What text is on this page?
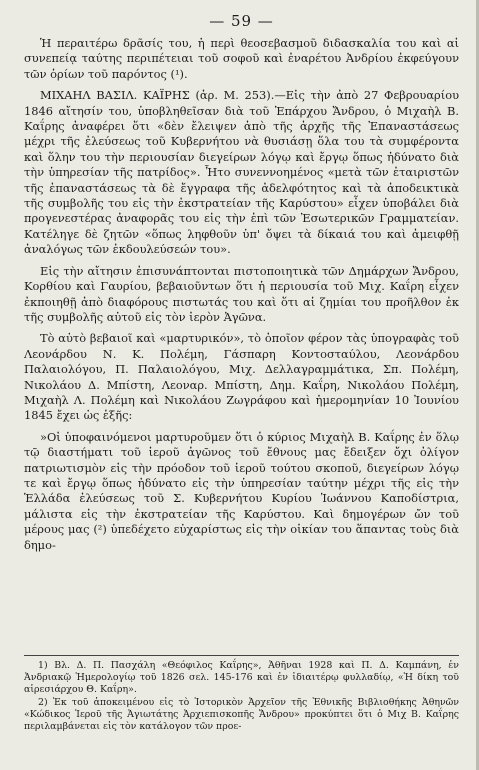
— 59 —

Ἡ περαιτέρω δρᾶσίς του, ἡ περὶ θεοσεβασμοῦ διδασκαλία του καὶ αἱ συνεπείᾳ ταύτης περιπέτειαι τοῦ σοφοῦ καὶ ἐναρέτου Ἀνδρίου ἐκφεύγουν τῶν ὁρίων τοῦ παρόντος (¹).

ΜΙΧΑΗΛ ΒΑΣΙΛ. ΚΑΪΡΗΣ (ἀρ. Μ. 253).—Εἰς τὴν ἀπὸ 27 Φεβρουαρίου 1846 αἴτησίν του, ὑποβληθεῖσαν διὰ τοῦ Ἐπάρχου Ἄνδρου, ὁ Μιχαὴλ Β. Καΐρης ἀναφέρει ὅτι «δὲν ἔλειψεν ἀπὸ τῆς ἀρχῆς τῆς Ἐπαναστάσεως μέχρι τῆς ἐλεύσεως τοῦ Κυβερνήτου νὰ θυσιάσῃ ὅλα του τὰ συμφέροντα καὶ ὅλην του τὴν περιουσίαν διεγείρων λόγῳ καὶ ἔργῳ ὅπως ἠδύνατο διὰ τὴν ὑπηρεσίαν τῆς πατρίδος». Ἦτο συνεννοημένος «μετὰ τῶν ἑταιριστῶν τῆς ἐπαναστάσεως τὰ δὲ ἔγγραφα τῆς ἀδελφότητος καὶ τὰ ἀποδεικτικὰ τῆς συμβολῆς του εἰς τὴν ἐκστρατείαν τῆς Καρύστου» εἶχεν ὑποβάλει διὰ προγενεστέρας ἀναφορᾶς του εἰς τὴν ἐπὶ τῶν Ἐσωτερικῶν Γραμματείαν. Κατέληγε δὲ ζητῶν «ὅπως ληφθοῦν ὑπ' ὄψει τὰ δίκαιά του καὶ ἀμειφθῇ ἀναλόγως τῶν ἐκδουλεύσεών του».

Εἰς τὴν αἴτησιν ἐπισυνάπτονται πιστοποιητικὰ τῶν Δημάρχων Ἄνδρου, Κορθίου καὶ Γαυρίου, βεβαιοῦντων ὅτι ἡ περιουσία τοῦ Μιχ. Καΐρη εἶχεν ἐκποιηθῇ ἀπὸ διαφόρους πιστωτάς του καὶ ὅτι αἱ ζημίαι του προῆλθον ἐκ τῆς συμβολῆς αὐτοῦ εἰς τὸν ἱερὸν Ἀγῶνα.

Τὸ αὐτὸ βεβαιοῖ καὶ «μαρτυρικόν», τὸ ὁποῖον φέρον τὰς ὑπογραφὰς τοῦ Λεονάρδου Ν. Κ. Πολέμη, Γάσπαρη Κοντοσταύλου, Λεονάρδου Παλαιολόγου, Π. Παλαιολόγου, Μιχ. Δελλαγραμμάτικα, Σπ. Πολέμη, Νικολάου Δ. Μπίστη, Λεοναρ. Μπίστη, Δημ. Καΐρη, Νικολάου Πολέμη, Μιχαὴλ Λ. Πολέμη καὶ Νικολάου Ζωγράφου καὶ ἡμερομηνίαν 10 Ἰουνίου 1845 ἔχει ὡς ἑξῆς:

»Οἱ ὑποφαινόμενοι μαρτυροῦμεν ὅτι ὁ κύριος Μιχαὴλ Β. Καΐρης ἐν ὅλῳ τῷ διαστήματι τοῦ ἱεροῦ ἀγῶνος τοῦ ἔθνους μας ἔδειξεν ὄχι ὀλίγον πατριωτισμὸν εἰς τὴν πρόοδον τοῦ ἱεροῦ τούτου σκοποῦ, διεγείρων λόγῳ τε καὶ ἔργῳ ὅπως ἠδύνατο εἰς τὴν ὑπηρεσίαν ταύτην μέχρι τῆς εἰς τὴν Ἑλλάδα ἐλεύσεως τοῦ Σ. Κυβερνήτου Κυρίου Ἰωάννου Καποδίστρια, μάλιστα εἰς τὴν ἐκστρατείαν τῆς Καρύστου. Καὶ δημογέρων ὤν τοῦ μέρους μας (²) ὑπεδέχετο εὐχαρίστως εἰς τὴν οἰκίαν του ἅπαντας τοὺς διὰ δημο-

1) Βλ. Δ. Π. Πασχάλη «Θεόφιλος Καΐρης», Ἀθῆναι 1928 καὶ Π. Δ. Καμπάνη, ἐν Ἀνδριακῷ Ἡμερολογίῳ τοῦ 1826 σελ. 145-176 καὶ ἐν ἰδιαιτέρῳ φυλλαδίῳ, «Ἡ δίκη τοῦ αἱρεσιάρχου Θ. Καΐρη».

2) Ἐκ τοῦ ἀποκειμένου εἰς τὸ Ἱστορικὸν Ἀρχεῖον τῆς Ἐθνικῆς Βιβλιοθήκης Ἀθηνῶν «Κώδικος Ἱεροῦ τῆς Ἀγιωτάτης Ἀρχιεπισκοπῆς Ἄνδρου» προκύπτει ὅτι ὁ Μιχ Β. Καΐρης περιλαμβάνεται εἰς τὸν κατάλογον τῶν προε-
